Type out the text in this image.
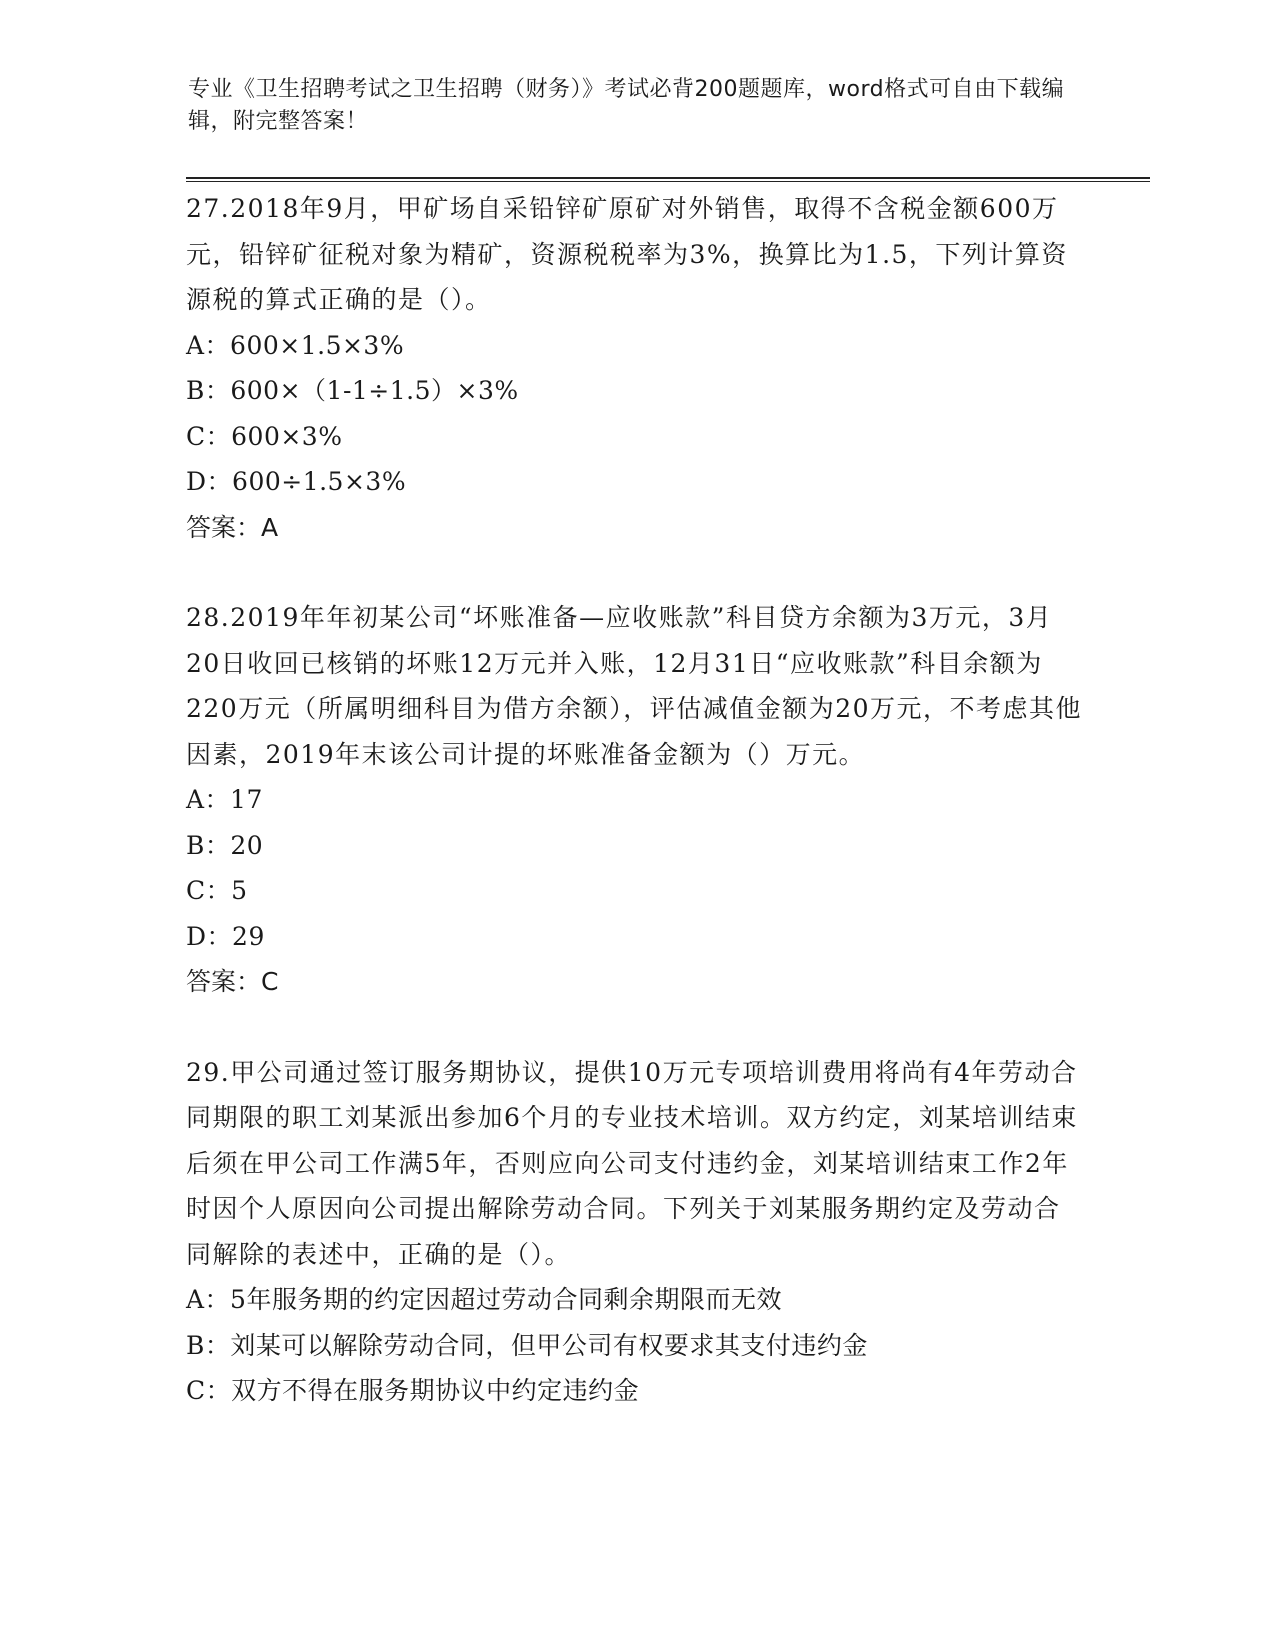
专业《卫生招聘考试之卫生招聘（财务）》考试必背200题题库，word格式可自由下载编辑，附完整答案！

27.2018年9月，甲矿场自采铅锌矿原矿对外销售，取得不含税金额600万元，铅锌矿征税对象为精矿，资源税税率为3%，换算比为1.5，下列计算资源税的算式正确的是（）。

A：600×1.5×3%

B：600×（1-1÷1.5）×3%

C：600×3%

D：600÷1.5×3%

答案：A

28.2019年年初某公司“坏账准备—应收账款”科目贷方余额为3万元，3月20日收回已核销的坏账12万元并入账，12月31日“应收账款”科目余额为220万元（所属明细科目为借方余额），评估减值金额为20万元，不考虑其他因素，2019年末该公司计提的坏账准备金额为（）万元。

A：17

B：20

C：5

D：29

答案：C

29.甲公司通过签订服务期协议，提供10万元专项培训费用将尚有4年劳动合同期限的职工刘某派出参加6个月的专业技术培训。双方约定，刘某培训结束后须在甲公司工作满5年，否则应向公司支付违约金，刘某培训结束工作2年时因个人原因向公司提出解除劳动合同。下列关于刘某服务期约定及劳动合同解除的表述中，正确的是（）。

A：5年服务期的约定因超过劳动合同剩余期限而无效

B：刘某可以解除劳动合同，但甲公司有权要求其支付违约金

C：双方不得在服务期协议中约定违约金
